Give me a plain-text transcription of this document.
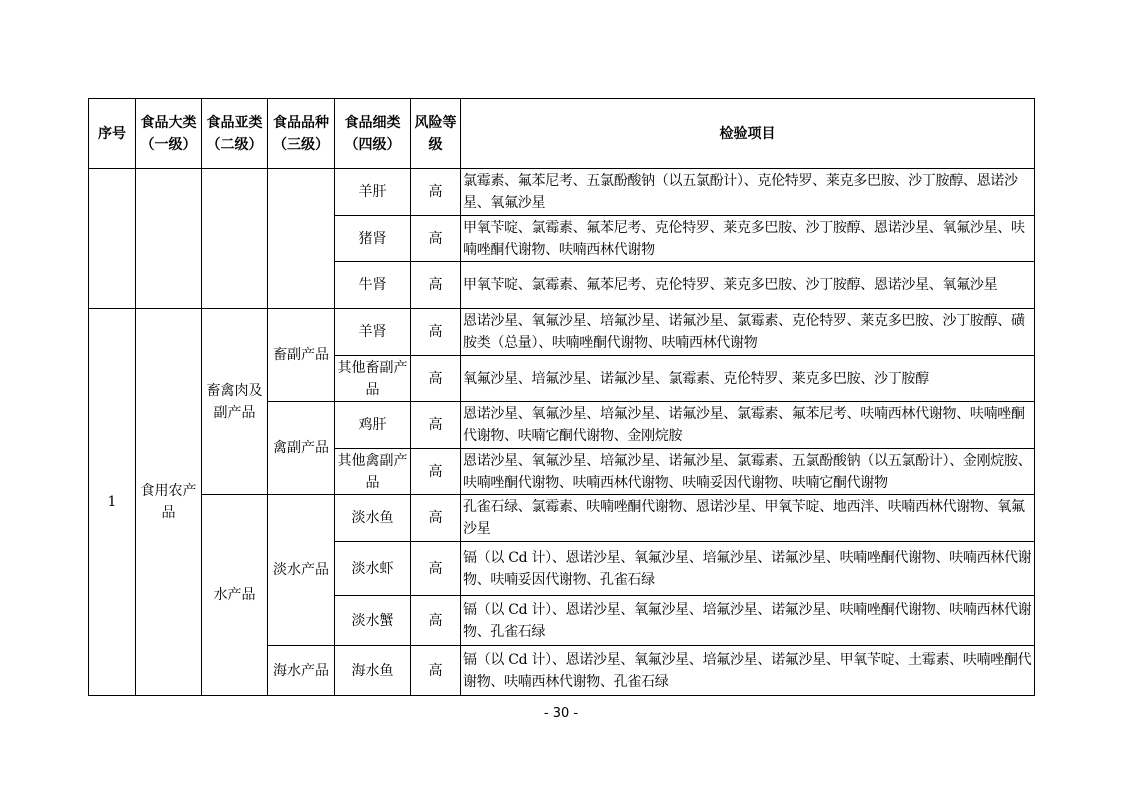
序号	食品大类（一级）	食品亚类（二级）	食品品种（三级）	食品细类（四级）	风险等级	检验项目
				羊肝	高	氯霉素、氟苯尼考、五氯酚酸钠（以五氯酚计）、克伦特罗、莱克多巴胺、沙丁胺醇、恩诺沙星、氧氟沙星
				猪肾	高	甲氧苄啶、氯霉素、氟苯尼考、克伦特罗、莱克多巴胺、沙丁胺醇、恩诺沙星、氧氟沙星、呋喃唑酮代谢物、呋喃西林代谢物
				牛肾	高	甲氧苄啶、氯霉素、氟苯尼考、克伦特罗、莱克多巴胺、沙丁胺醇、恩诺沙星、氧氟沙星
1	食用农产品	畜禽肉及副产品	畜副产品	羊肾	高	恩诺沙星、氧氟沙星、培氟沙星、诺氟沙星、氯霉素、克伦特罗、莱克多巴胺、沙丁胺醇、磺胺类（总量）、呋喃唑酮代谢物、呋喃西林代谢物
				其他畜副产品	高	氧氟沙星、培氟沙星、诺氟沙星、氯霉素、克伦特罗、莱克多巴胺、沙丁胺醇
			禽副产品	鸡肝	高	恩诺沙星、氧氟沙星、培氟沙星、诺氟沙星、氯霉素、氟苯尼考、呋喃西林代谢物、呋喃唑酮代谢物、呋喃它酮代谢物、金刚烷胺
				其他禽副产品	高	恩诺沙星、氧氟沙星、培氟沙星、诺氟沙星、氯霉素、五氯酚酸钠（以五氯酚计）、金刚烷胺、呋喃唑酮代谢物、呋喃西林代谢物、呋喃妥因代谢物、呋喃它酮代谢物
		水产品	淡水产品	淡水鱼	高	孔雀石绿、氯霉素、呋喃唑酮代谢物、恩诺沙星、甲氧苄啶、地西泮、呋喃西林代谢物、氧氟沙星
				淡水虾	高	镉（以 Cd 计）、恩诺沙星、氧氟沙星、培氟沙星、诺氟沙星、呋喃唑酮代谢物、呋喃西林代谢物、呋喃妥因代谢物、孔雀石绿
				淡水蟹	高	镉（以 Cd 计）、恩诺沙星、氧氟沙星、培氟沙星、诺氟沙星、呋喃唑酮代谢物、呋喃西林代谢物、孔雀石绿
			海水产品	海水鱼	高	镉（以 Cd 计）、恩诺沙星、氧氟沙星、培氟沙星、诺氟沙星、甲氧苄啶、土霉素、呋喃唑酮代谢物、呋喃西林代谢物、孔雀石绿
- 30 -
